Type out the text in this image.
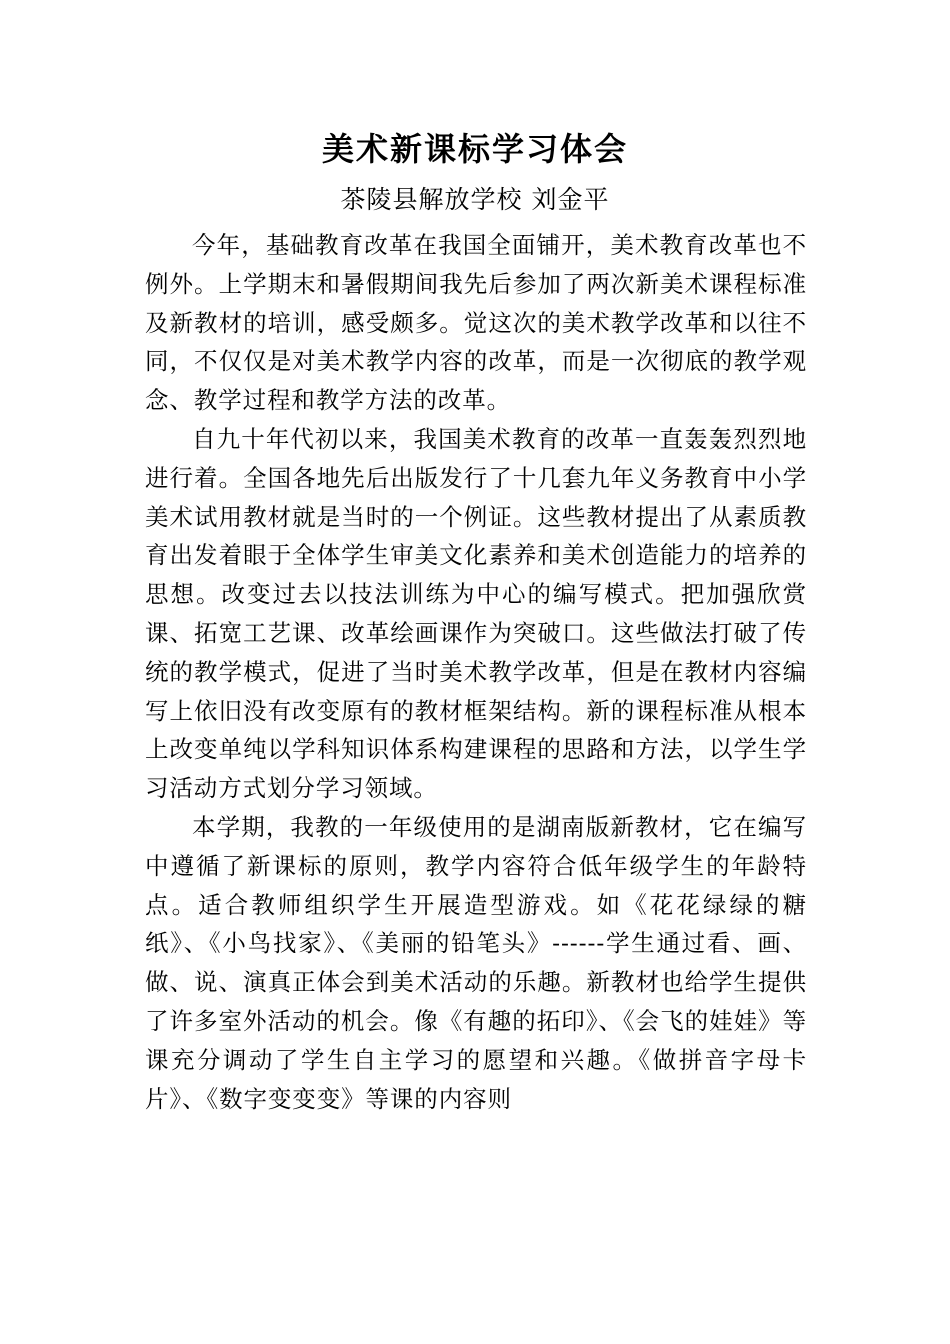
美术新课标学习体会

茶陵县解放学校 刘金平

今年，基础教育改革在我国全面铺开，美术教育改革也不例外。上学期末和暑假期间我先后参加了两次新美术课程标准及新教材的培训，感受颇多。觉这次的美术教学改革和以往不同，不仅仅是对美术教学内容的改革，而是一次彻底的教学观念、教学过程和教学方法的改革。

自九十年代初以来，我国美术教育的改革一直轰轰烈烈地进行着。全国各地先后出版发行了十几套九年义务教育中小学美术试用教材就是当时的一个例证。这些教材提出了从素质教育出发着眼于全体学生审美文化素养和美术创造能力的培养的思想。改变过去以技法训练为中心的编写模式。把加强欣赏课、拓宽工艺课、改革绘画课作为突破口。这些做法打破了传统的教学模式，促进了当时美术教学改革，但是在教材内容编写上依旧没有改变原有的教材框架结构。新的课程标准从根本上改变单纯以学科知识体系构建课程的思路和方法，以学生学习活动方式划分学习领域。

本学期，我教的一年级使用的是湖南版新教材，它在编写中遵循了新课标的原则，教学内容符合低年级学生的年龄特点。适合教师组织学生开展造型游戏。如《花花绿绿的糖纸》、《小鸟找家》、《美丽的铅笔头》------学生通过看、画、做、说、演真正体会到美术活动的乐趣。新教材也给学生提供了许多室外活动的机会。像《有趣的拓印》、《会飞的娃娃》等课充分调动了学生自主学习的愿望和兴趣。《做拼音字母卡片》、《数字变变变》等课的内容则
